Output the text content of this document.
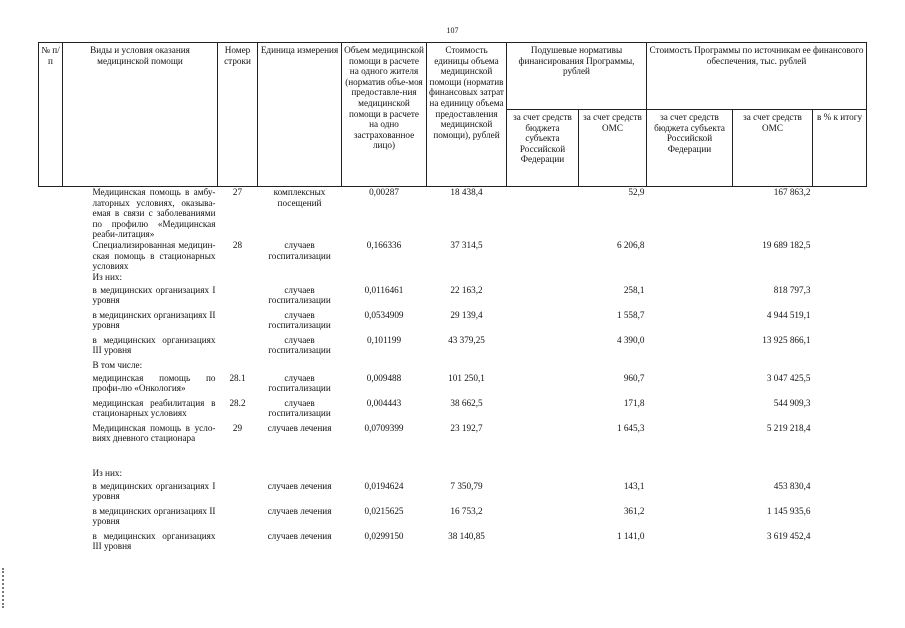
107
№ п/п	Виды и условия оказания медицинской помощи	Номер строки	Единица измерения	Объем медицинской помощи в расчете на одного жителя (норматив объе-моя предоставле-ния медицинской помощи в расчете на одно застрахованное лицо)	Стоимость единицы объема медицинской помощи (норматив финансовых затрат на единицу объема предоставления медицинской помощи), рублей	Подушевые нормативы финансирования Программы, рублей		Стоимость Программы по источникам ее финансового обеспечения, тыс. рублей		
						за счет средств бюджета субъекта Российской Федерации	за счет средств ОМС	за счет средств бюджета субъекта Российской Федерации	за счет средств ОМС	в % к итогу
	Медицинская помощь в амбу-латорных условиях, оказыва-емая в связи с заболеваниями по профилю «Медицинская реаби-литация»	27	комплексных посещений	0,00287	18 438,4		52,9		167 863,2	
	Специализированная медицин-ская помощь в стационарных условиях	28	случаев госпитализации	0,166336	37 314,5		6 206,8		19 689 182,5	
	Из них:									
	в медицинских организациях I уровня		случаев госпитализации	0,0116461	22 163,2		258,1		818 797,3	
	в медицинских организациях II уровня		случаев госпитализации	0,0534909	29 139,4		1 558,7		4 944 519,1	
	в медицинских организациях III уровня		случаев госпитализации	0,101199	43 379,25		4 390,0		13 925 866,1	
	В том числе:									
	медицинская помощь по профи-лю «Онкология»	28.1	случаев госпитализации	0,009488	101 250,1		960,7		3 047 425,5	
	медицинская реабилитация в стационарных условиях	28.2	случаев госпитализации	0,004443	38 662,5		171,8		544 909,3	
	Медицинская помощь в усло-виях дневного стационара	29	случаев лечения	0,0709399	23 192,7		1 645,3		5 219 218,4	
	Из них:									
	в медицинских организациях I уровня		случаев лечения	0,0194624	7 350,79		143,1		453 830,4	
	в медицинских организациях II уровня		случаев лечения	0,0215625	16 753,2		361,2		1 145 935,6	
	в медицинских организациях III уровня		случаев лечения	0,0299150	38 140,85		1 141,0		3 619 452,4	
